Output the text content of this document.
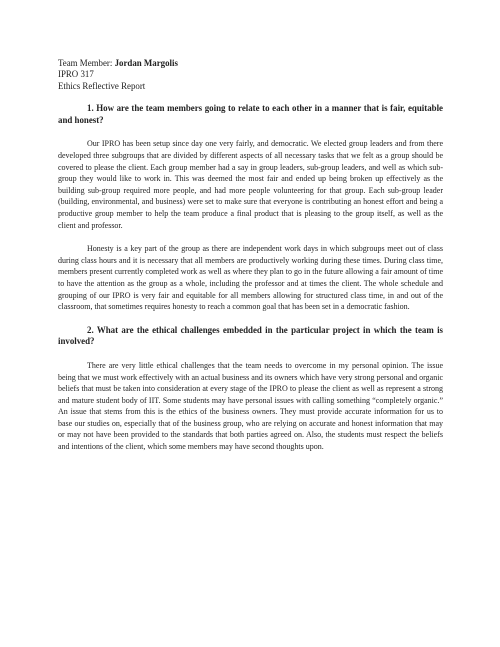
Team Member: Jordan Margolis

IPRO 317

Ethics Reflective Report

1. How are the team members going to relate to each other in a manner that is fair, equitable and honest?

Our IPRO has been setup since day one very fairly, and democratic. We elected group leaders and from there developed three subgroups that are divided by different aspects of all necessary tasks that we felt as a group should be covered to please the client. Each group member had a say in group leaders, sub-group leaders, and well as which sub-group they would like to work in. This was deemed the most fair and ended up being broken up effectively as the building sub-group required more people, and had more people volunteering for that group. Each sub-group leader (building, environmental, and business) were set to make sure that everyone is contributing an honest effort and being a productive group member to help the team produce a final product that is pleasing to the group itself, as well as the client and professor.

Honesty is a key part of the group as there are independent work days in which subgroups meet out of class during class hours and it is necessary that all members are productively working during these times. During class time, members present currently completed work as well as where they plan to go in the future allowing a fair amount of time to have the attention as the group as a whole, including the professor and at times the client. The whole schedule and grouping of our IPRO is very fair and equitable for all members allowing for structured class time, in and out of the classroom, that sometimes requires honesty to reach a common goal that has been set in a democratic fashion.

2. What are the ethical challenges embedded in the particular project in which the team is involved?

There are very little ethical challenges that the team needs to overcome in my personal opinion. The issue being that we must work effectively with an actual business and its owners which have very strong personal and organic beliefs that must be taken into consideration at every stage of the IPRO to please the client as well as represent a strong and mature student body of IIT. Some students may have personal issues with calling something “completely organic.” An issue that stems from this is the ethics of the business owners. They must provide accurate information for us to base our studies on, especially that of the business group, who are relying on accurate and honest information that may or may not have been provided to the standards that both parties agreed on. Also, the students must respect the beliefs and intentions of the client, which some members may have second thoughts upon.
